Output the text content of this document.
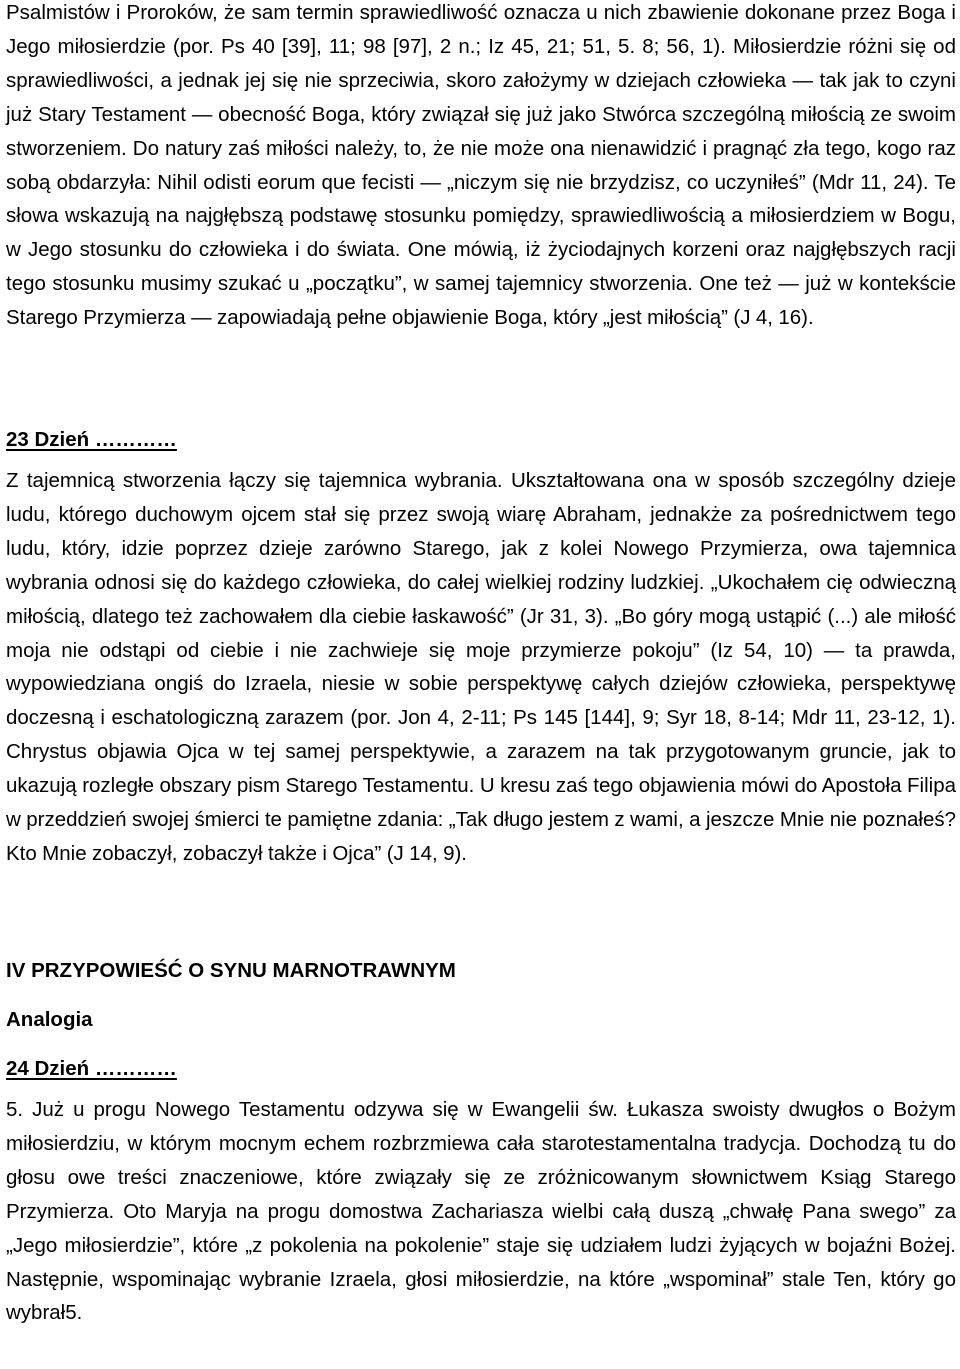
Psalmistów i Proroków, że sam termin sprawiedliwość oznacza u nich zbawienie dokonane przez Boga i Jego miłosierdzie (por. Ps 40 [39], 11; 98 [97], 2 n.; Iz 45, 21; 51, 5. 8; 56, 1). Miłosierdzie różni się od sprawiedliwości, a jednak jej się nie sprzeciwia, skoro założymy w dziejach człowieka — tak jak to czyni już Stary Testament — obecność Boga, który związał się już jako Stwórca szczególną miłością ze swoim stworzeniem. Do natury zaś miłości należy, to, że nie może ona nienawidzić i pragnąć zła tego, kogo raz sobą obdarzyła: Nihil odisti eorum que fecisti — „niczym się nie brzydzisz, co uczyniłeś” (Mdr 11, 24). Te słowa wskazują na najgłębszą podstawę stosunku pomiędzy, sprawiedliwością a miłosierdziem w Bogu, w Jego stosunku do człowieka i do świata. One mówią, iż życiodajnych korzeni oraz najgłębszych racji tego stosunku musimy szukać u „początku”, w samej tajemnicy stworzenia. One też — już w kontekście Starego Przymierza — zapowiadają pełne objawienie Boga, który „jest miłością” (J 4, 16).

23 Dzień …………

Z tajemnicą stworzenia łączy się tajemnica wybrania. Ukształtowana ona w sposób szczególny dzieje ludu, którego duchowym ojcem stał się przez swoją wiarę Abraham, jednakże za pośrednictwem tego ludu, który, idzie poprzez dzieje zarówno Starego, jak z kolei Nowego Przymierza, owa tajemnica wybrania odnosi się do każdego człowieka, do całej wielkiej rodziny ludzkiej. „Ukochałem cię odwieczną miłością, dlatego też zachowałem dla ciebie łaskawość” (Jr 31, 3). „Bo góry mogą ustąpić (...) ale miłość moja nie odstąpi od ciebie i nie zachwieje się moje przymierze pokoju” (Iz 54, 10) — ta prawda, wypowiedziana ongiś do Izraela, niesie w sobie perspektywę całych dziejów człowieka, perspektywę doczesną i eschatologiczną zarazem (por. Jon 4, 2-11; Ps 145 [144], 9; Syr 18, 8-14; Mdr 11, 23-12, 1). Chrystus objawia Ojca w tej samej perspektywie, a zarazem na tak przygotowanym gruncie, jak to ukazują rozległe obszary pism Starego Testamentu. U kresu zaś tego objawienia mówi do Apostoła Filipa w przeddzień swojej śmierci te pamiętne zdania: „Tak długo jestem z wami, a jeszcze Mnie nie poznałeś? Kto Mnie zobaczył, zobaczył także i Ojca” (J 14, 9).

IV PRZYPOWIEŚĆ O SYNU MARNOTRAWNYM

Analogia

24 Dzień …………

5. Już u progu Nowego Testamentu odzywa się w Ewangelii św. Łukasza swoisty dwugłos o Bożym miłosierdziu, w którym mocnym echem rozbrzmiewa cała starotestamentalna tradycja. Dochodzą tu do głosu owe treści znaczeniowe, które związały się ze zróżnicowanym słownictwem Ksiąg Starego Przymierza. Oto Maryja na progu domostwa Zachariasza wielbi całą duszą „chwałę Pana swego” za „Jego miłosierdzie”, które „z pokolenia na pokolenie” staje się udziałem ludzi żyjących w bojaźni Bożej. Następnie, wspominając wybranie Izraela, głosi miłosierdzie, na które „wspominał” stale Ten, który go wybrał5.
